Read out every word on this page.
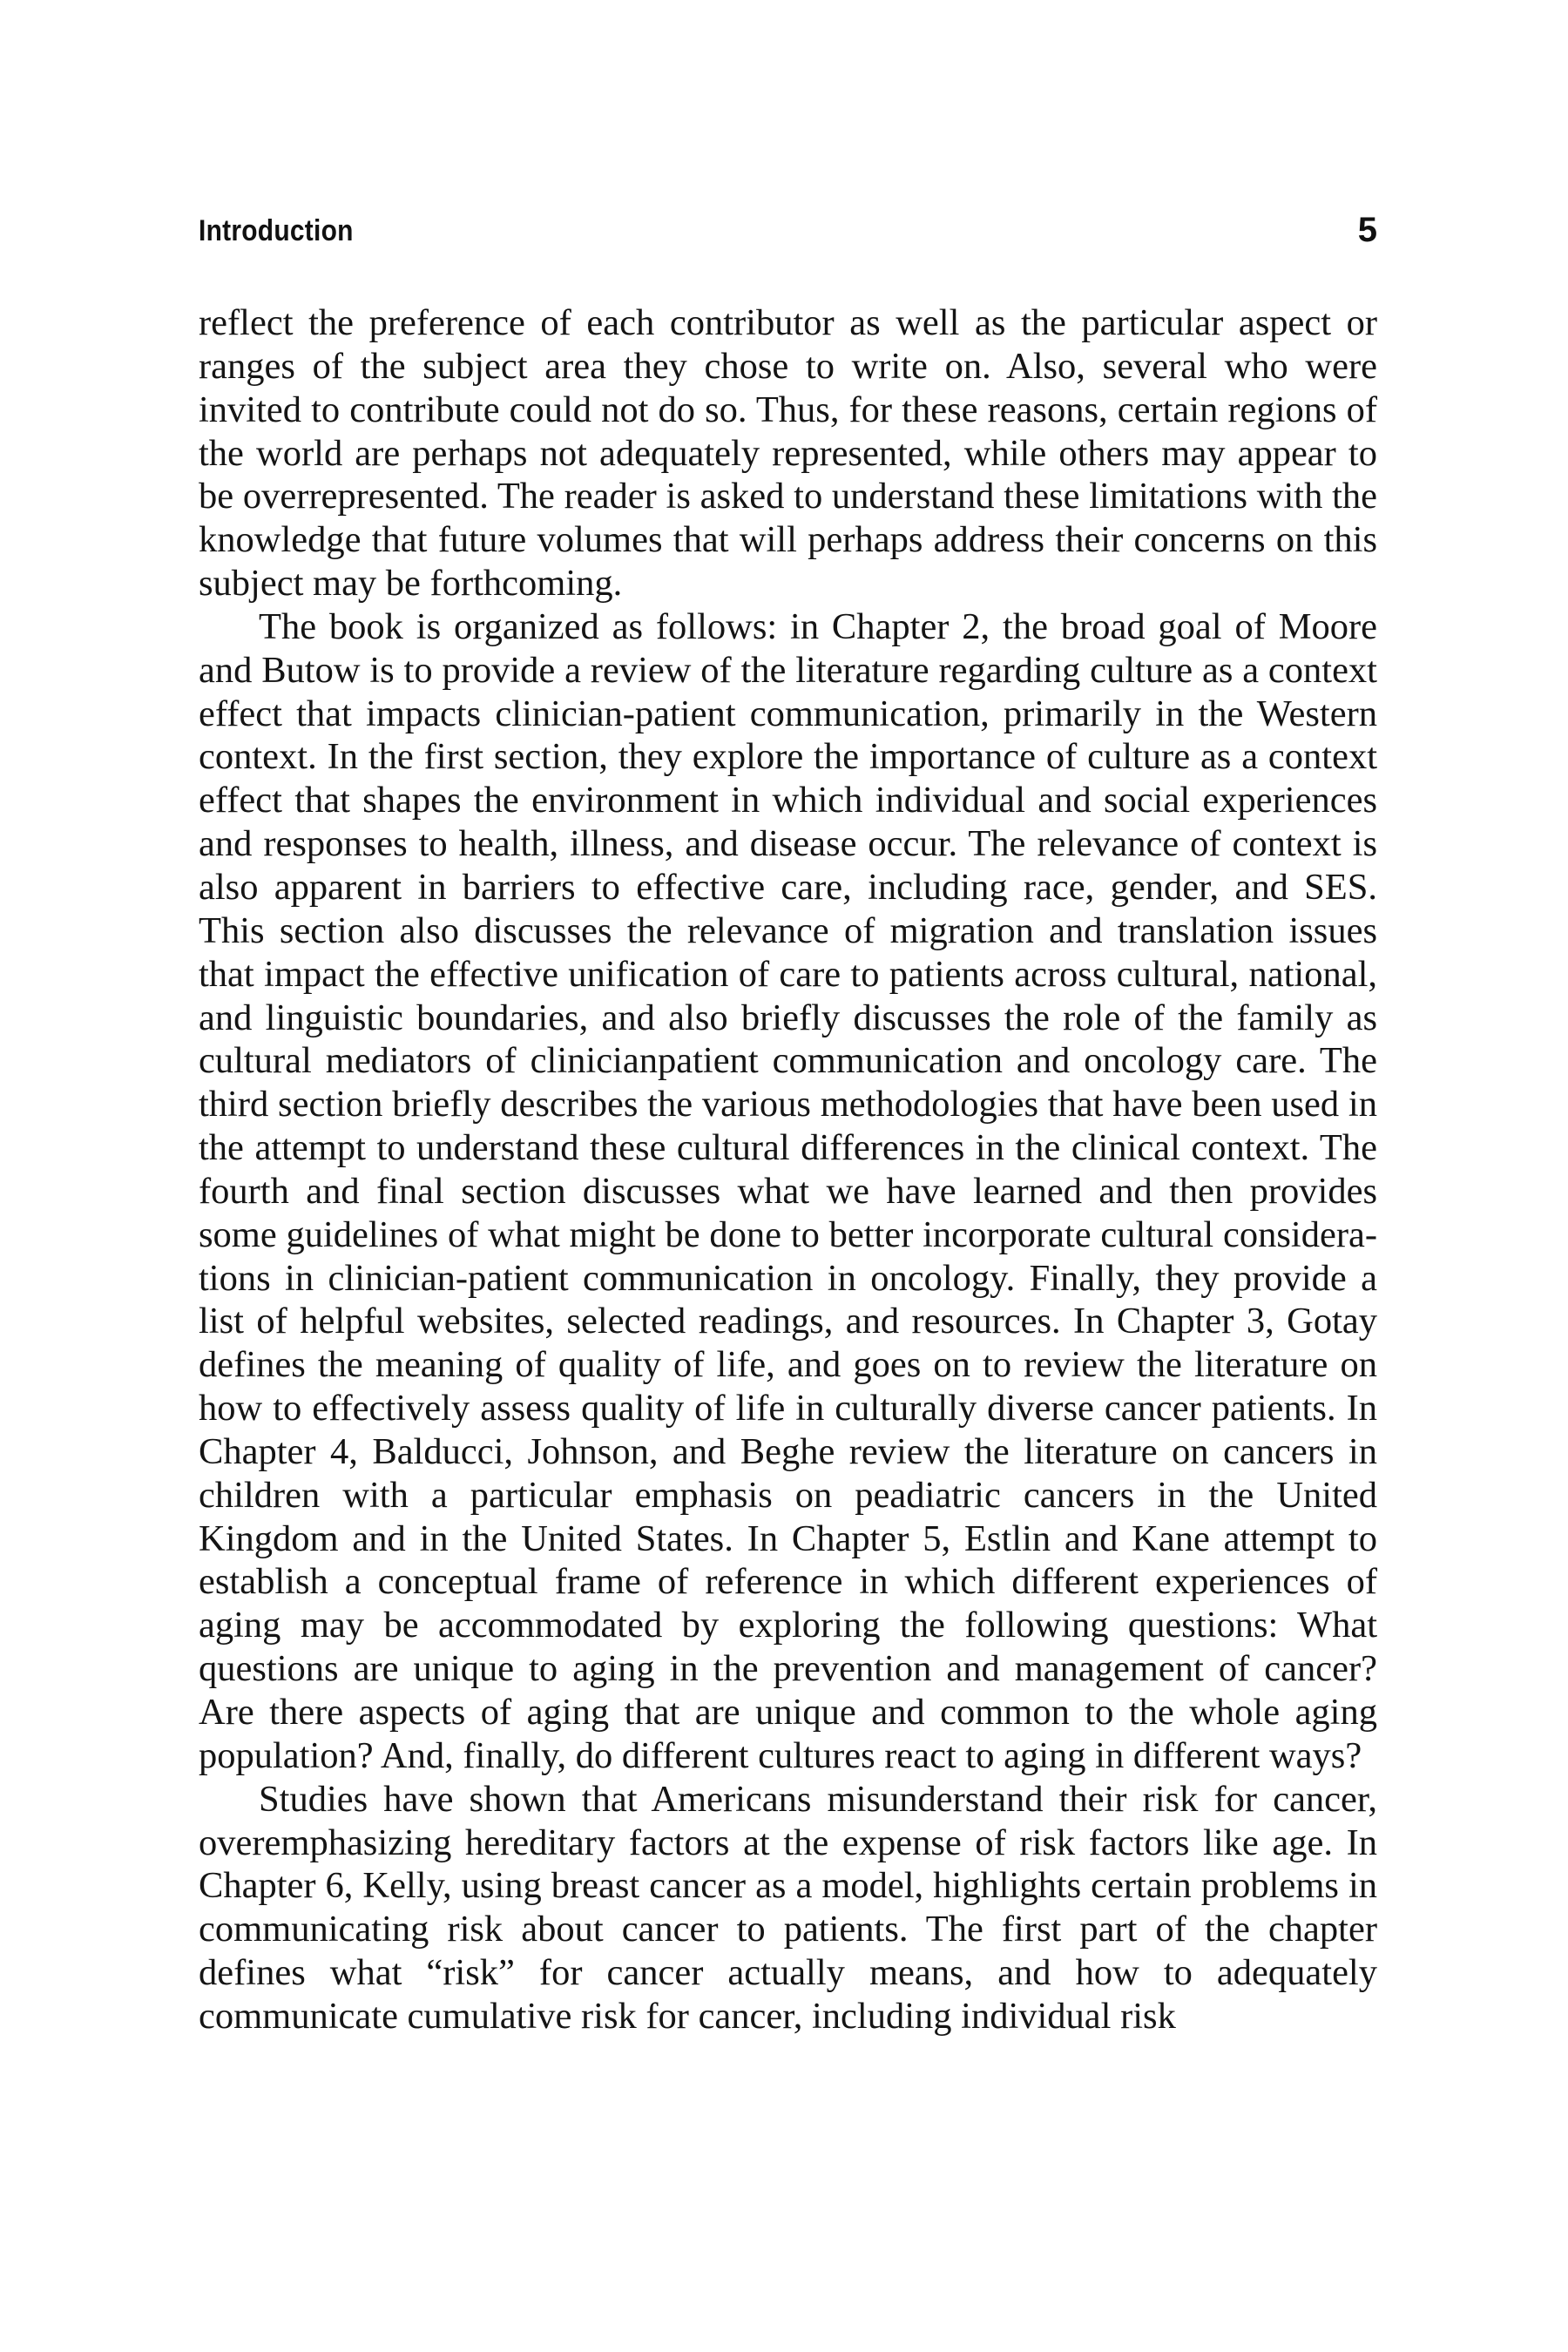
Introduction	5

reflect the preference of each contributor as well as the particular aspect or ranges of the subject area they chose to write on. Also, several who were invited to contribute could not do so. Thus, for these reasons, certain regions of the world are perhaps not adequately represented, while others may appear to be overrepresented. The reader is asked to understand these limitations with the knowledge that future volumes that will perhaps address their concerns on this subject may be forthcoming.

The book is organized as follows: in Chapter 2, the broad goal of Moore and Butow is to provide a review of the literature regarding culture as a context effect that impacts clinician-patient communication, primarily in the Western context. In the first section, they explore the importance of culture as a context effect that shapes the environment in which individual and social experiences and responses to health, illness, and disease occur. The relevance of context is also apparent in barriers to effective care, including race, gender, and SES. This section also discusses the relevance of migration and translation issues that impact the effective unification of care to patients across cultural, national, and linguistic boundaries, and also briefly discusses the role of the family as cultural mediators of clinicianpatient communication and oncology care. The third section briefly describes the various methodologies that have been used in the attempt to understand these cultural differences in the clinical context. The fourth and final section discusses what we have learned and then provides some guidelines of what might be done to better incorporate cultural considerations in clinician-patient communication in oncology. Finally, they provide a list of helpful websites, selected readings, and resources. In Chapter 3, Gotay defines the meaning of quality of life, and goes on to review the literature on how to effectively assess quality of life in culturally diverse cancer patients. In Chapter 4, Balducci, Johnson, and Beghe review the literature on cancers in children with a particular emphasis on peadiatric cancers in the United Kingdom and in the United States. In Chapter 5, Estlin and Kane attempt to establish a conceptual frame of reference in which different experiences of aging may be accommodated by exploring the following questions: What questions are unique to aging in the prevention and management of cancer? Are there aspects of aging that are unique and common to the whole aging population? And, finally, do different cultures react to aging in different ways?

Studies have shown that Americans misunderstand their risk for cancer, overemphasizing hereditary factors at the expense of risk factors like age. In Chapter 6, Kelly, using breast cancer as a model, highlights certain problems in communicating risk about cancer to patients. The first part of the chapter defines what “risk” for cancer actually means, and how to adequately communicate cumulative risk for cancer, including individual risk
